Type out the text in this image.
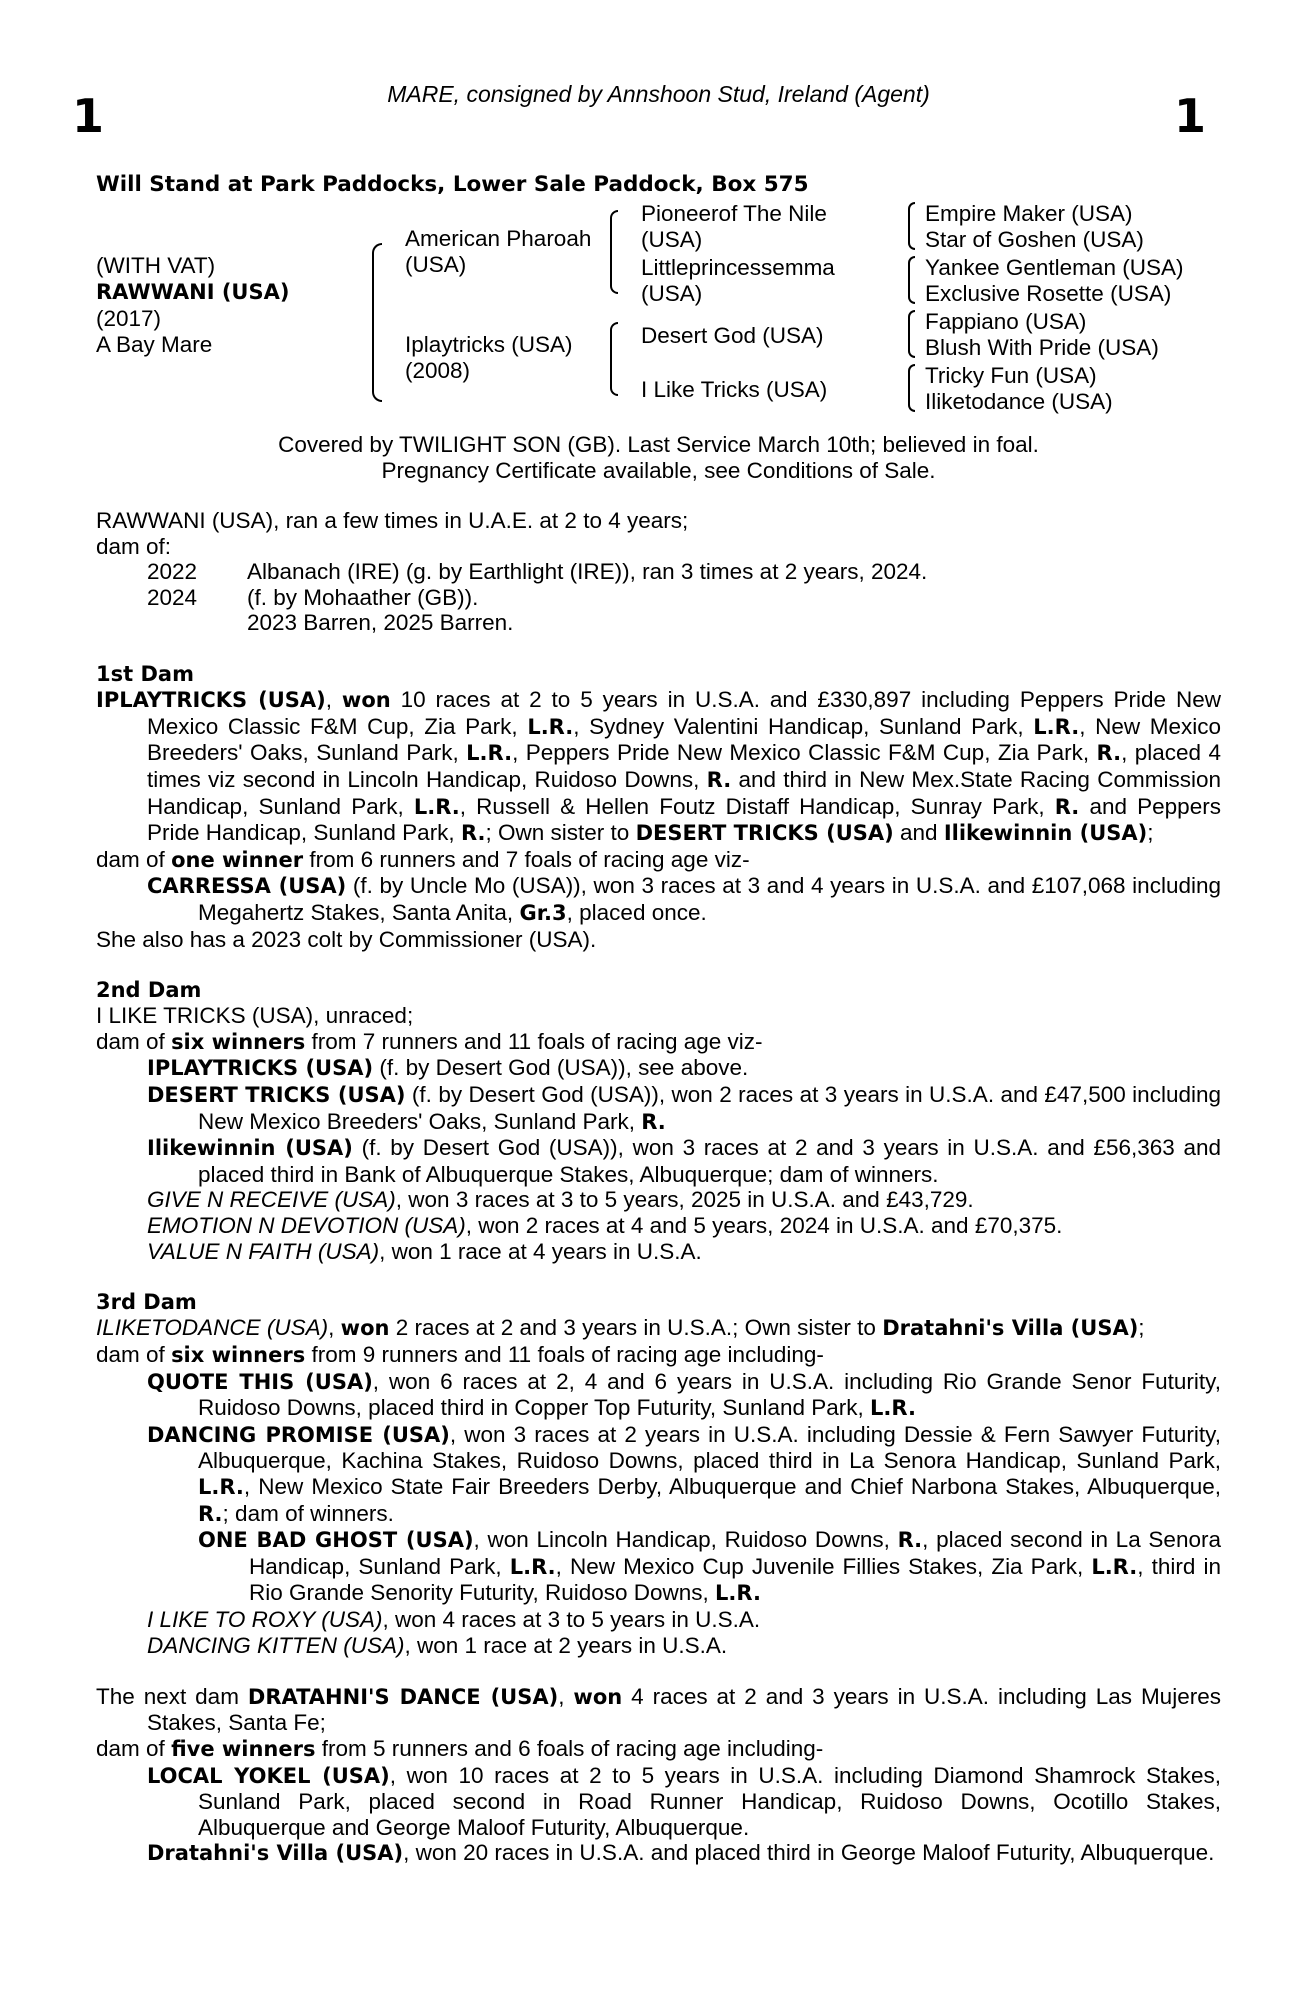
MARE, consigned by Annshoon Stud, Ireland (Agent)
1	1
Will Stand at Park Paddocks, Lower Sale Paddock, Box 575
(WITH VAT)
RAWWANI (USA)
(2017)
A Bay Mare
American Pharoah
(USA)
Iplaytricks (USA)
(2008)
Pioneerof The Nile
(USA)
Littleprincessemma
(USA)
Desert God (USA)
I Like Tricks (USA)
Empire Maker (USA)
Star of Goshen (USA)
Yankee Gentleman (USA)
Exclusive Rosette (USA)
Fappiano (USA)
Blush With Pride (USA)
Tricky Fun (USA)
Iliketodance (USA)
Covered by TWILIGHT SON (GB). Last Service March 10th; believed in foal.
Pregnancy Certificate available, see Conditions of Sale.

RAWWANI (USA), ran a few times in U.A.E. at 2 to 4 years;

dam of:

2022	Albanach (IRE) (g. by Earthlight (IRE)), ran 3 times at 2 years, 2024.
2024	(f. by Mohaather (GB)).
2023 Barren, 2025 Barren.

1st Dam

IPLAYTRICKS (USA), won 10 races at 2 to 5 years in U.S.A. and £330,897 including Peppers Pride New Mexico Classic F&M Cup, Zia Park, L.R., Sydney Valentini Handicap, Sunland Park, L.R., New Mexico Breeders' Oaks, Sunland Park, L.R., Peppers Pride New Mexico Classic F&M Cup, Zia Park, R., placed 4 times viz second in Lincoln Handicap, Ruidoso Downs, R. and third in New Mex.State Racing Commission Handicap, Sunland Park, L.R., Russell & Hellen Foutz Distaff Handicap, Sunray Park, R. and Peppers Pride Handicap, Sunland Park, R.; Own sister to DESERT TRICKS (USA) and Ilikewinnin (USA);

dam of one winner from 6 runners and 7 foals of racing age viz-

CARRESSA (USA) (f. by Uncle Mo (USA)), won 3 races at 3 and 4 years in U.S.A. and £107,068 including Megahertz Stakes, Santa Anita, Gr.3, placed once.

She also has a 2023 colt by Commissioner (USA).

2nd Dam

I LIKE TRICKS (USA), unraced;

dam of six winners from 7 runners and 11 foals of racing age viz-

IPLAYTRICKS (USA) (f. by Desert God (USA)), see above.

DESERT TRICKS (USA) (f. by Desert God (USA)), won 2 races at 3 years in U.S.A. and £47,500 including New Mexico Breeders' Oaks, Sunland Park, R.

Ilikewinnin (USA) (f. by Desert God (USA)), won 3 races at 2 and 3 years in U.S.A. and £56,363 and placed third in Bank of Albuquerque Stakes, Albuquerque; dam of winners.

GIVE N RECEIVE (USA), won 3 races at 3 to 5 years, 2025 in U.S.A. and £43,729.

EMOTION N DEVOTION (USA), won 2 races at 4 and 5 years, 2024 in U.S.A. and £70,375.

VALUE N FAITH (USA), won 1 race at 4 years in U.S.A.

3rd Dam

ILIKETODANCE (USA), won 2 races at 2 and 3 years in U.S.A.; Own sister to Dratahni's Villa (USA);

dam of six winners from 9 runners and 11 foals of racing age including-

QUOTE THIS (USA), won 6 races at 2, 4 and 6 years in U.S.A. including Rio Grande Senor Futurity, Ruidoso Downs, placed third in Copper Top Futurity, Sunland Park, L.R.

DANCING PROMISE (USA), won 3 races at 2 years in U.S.A. including Dessie & Fern Sawyer Futurity, Albuquerque, Kachina Stakes, Ruidoso Downs, placed third in La Senora Handicap, Sunland Park, L.R., New Mexico State Fair Breeders Derby, Albuquerque and Chief Narbona Stakes, Albuquerque, R.; dam of winners.

ONE BAD GHOST (USA), won Lincoln Handicap, Ruidoso Downs, R., placed second in La Senora Handicap, Sunland Park, L.R., New Mexico Cup Juvenile Fillies Stakes, Zia Park, L.R., third in Rio Grande Senority Futurity, Ruidoso Downs, L.R.

I LIKE TO ROXY (USA), won 4 races at 3 to 5 years in U.S.A.

DANCING KITTEN (USA), won 1 race at 2 years in U.S.A.

The next dam DRATAHNI'S DANCE (USA), won 4 races at 2 and 3 years in U.S.A. including Las Mujeres Stakes, Santa Fe;

dam of five winners from 5 runners and 6 foals of racing age including-

LOCAL YOKEL (USA), won 10 races at 2 to 5 years in U.S.A. including Diamond Shamrock Stakes, Sunland Park, placed second in Road Runner Handicap, Ruidoso Downs, Ocotillo Stakes, Albuquerque and George Maloof Futurity, Albuquerque.

Dratahni's Villa (USA), won 20 races in U.S.A. and placed third in George Maloof Futurity, Albuquerque.
